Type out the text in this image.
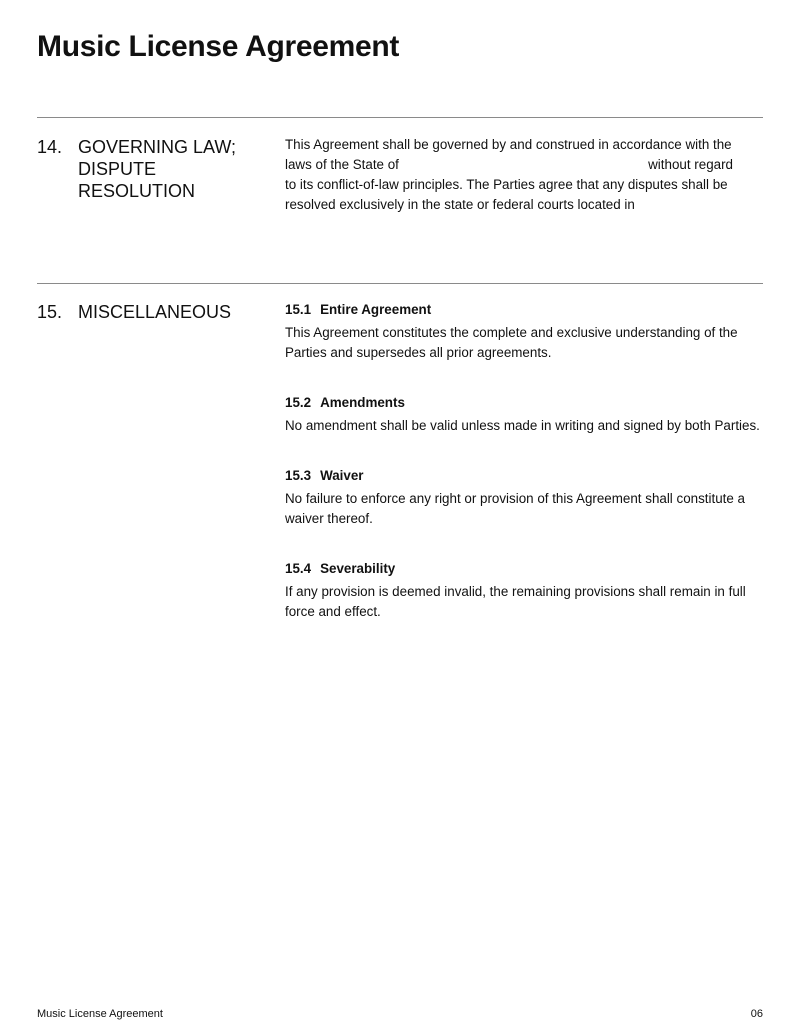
Music License Agreement
14. GOVERNING LAW; DISPUTE RESOLUTION
This Agreement shall be governed by and construed in accordance with the
laws of the State of	without regard
to its conflict-of-law principles. The Parties agree that any disputes shall be
resolved exclusively in the state or federal courts located in
15. MISCELLANEOUS	15.1 Entire Agreement

This Agreement constitutes the complete and exclusive understanding of the Parties and supersedes all prior agreements.

15.2 Amendments

No amendment shall be valid unless made in writing and signed by both Parties.

15.3 Waiver

No failure to enforce any right or provision of this Agreement shall constitute a waiver thereof.

15.4 Severability

If any provision is deemed invalid, the remaining provisions shall remain in full force and effect.

Music License Agreement	06
